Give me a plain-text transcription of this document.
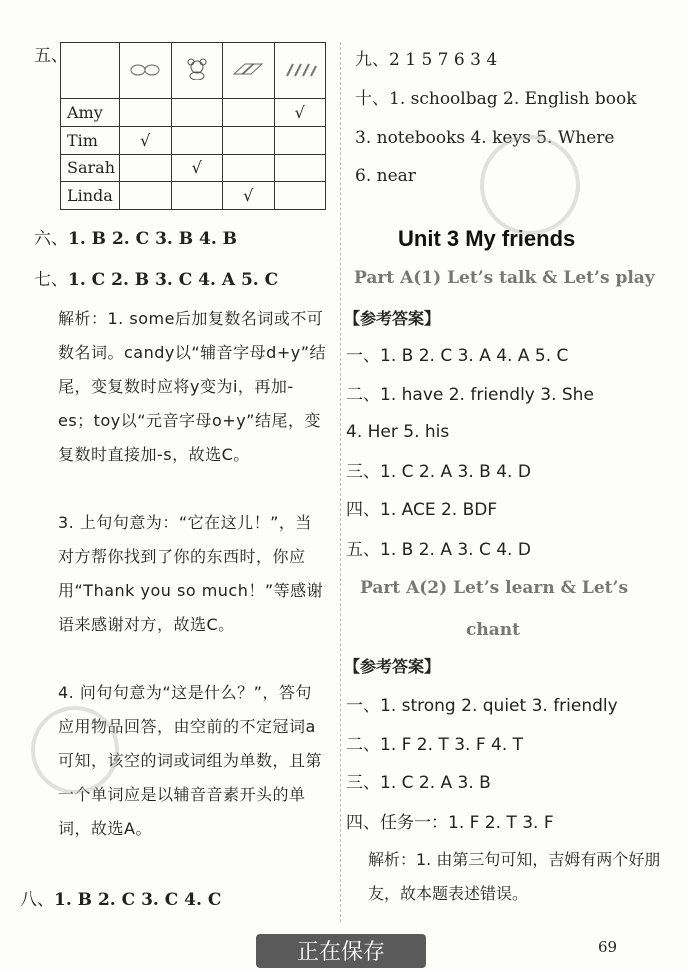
五、

Amy				√
Tim	√			
Sarah		√		
Linda			√	
六、1. B 2. C 3. B 4. B
七、1. C 2. B 3. C 4. A 5. C
解析：1. some后加复数名词或不可数名词。candy以“辅音字母d+y”结尾，变复数时应将y变为i，再加-es；toy以“元音字母o+y”结尾，变复数时直接加-s，故选C。
3. 上句句意为：“它在这儿！”，当对方帮你找到了你的东西时，你应用“Thank you so much！”等感谢语来感谢对方，故选C。
4. 问句句意为“这是什么？”，答句应用物品回答，由空前的不定冠词a可知，该空的词或词组为单数，且第一个单词应是以辅音音素开头的单词，故选A。
八、1. B 2. C 3. C 4. C
九、2 1 5 7 6 3 4
十、1. schoolbag 2. English book
3. notebooks 4. keys 5. Where
6. near
Unit 3 My friends
Part A(1) Let’s talk & Let’s play
【参考答案】
一、1. B 2. C 3. A 4. A 5. C
二、1. have 2. friendly 3. She
4. Her 5. his
三、1. C 2. A 3. B 4. D
四、1. ACE 2. BDF
五、1. B 2. A 3. C 4. D
Part A(2) Let’s learn & Let’s
chant
【参考答案】
一、1. strong 2. quiet 3. friendly
二、1. F 2. T 3. F 4. T
三、1. C 2. A 3. B
四、任务一：1. F 2. T 3. F
解析：1. 由第三句可知，吉姆有两个好朋友，故本题表述错误。
正在保存	69
